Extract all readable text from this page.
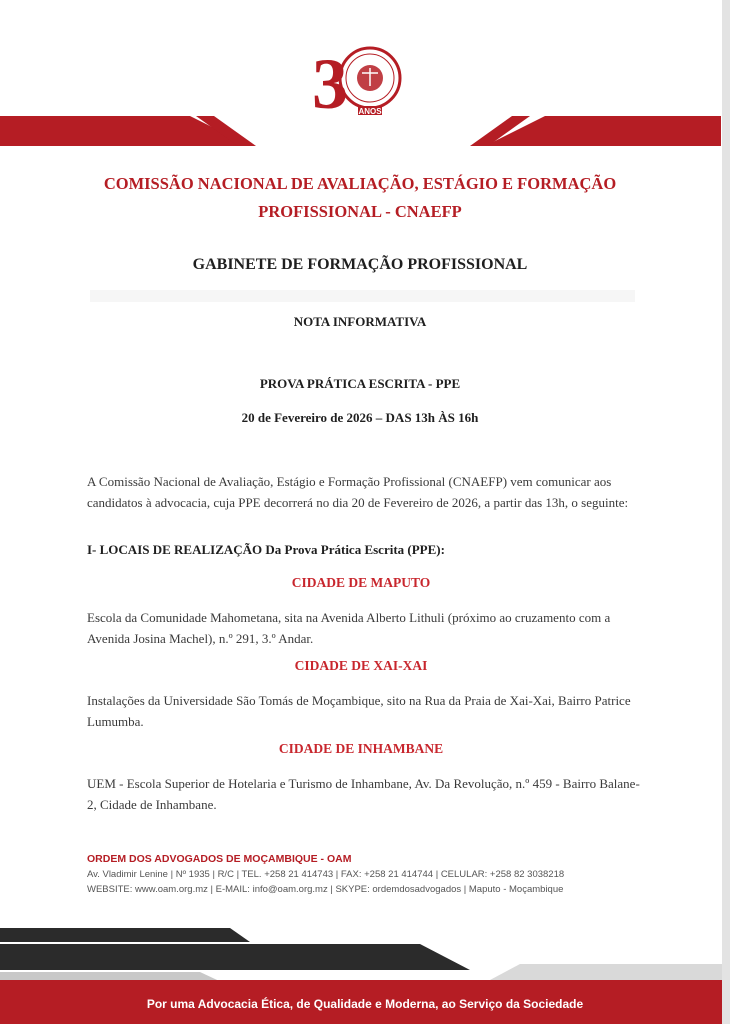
3 ANOS
COMISSÃO NACIONAL DE AVALIAÇÃO, ESTÁGIO E FORMAÇÃO PROFISSIONAL - CNAEFP
GABINETE DE FORMAÇÃO PROFISSIONAL
NOTA INFORMATIVA
PROVA PRÁTICA ESCRITA - PPE
20 de Fevereiro de 2026 – DAS 13h ÀS 16h
A Comissão Nacional de Avaliação, Estágio e Formação Profissional (CNAEFP) vem comunicar aos candidatos à advocacia, cuja PPE decorrerá no dia 20 de Fevereiro de 2026, a partir das 13h, o seguinte:
I- LOCAIS DE REALIZAÇÃO Da Prova Prática Escrita (PPE):
CIDADE DE MAPUTO
Escola da Comunidade Mahometana, sita na Avenida Alberto Lithuli (próximo ao cruzamento com a Avenida Josina Machel), n.º 291, 3.º Andar.
CIDADE DE XAI-XAI
Instalações da Universidade São Tomás de Moçambique, sito na Rua da Praia de Xai-Xai, Bairro Patrice Lumumba.
CIDADE DE INHAMBANE
UEM - Escola Superior de Hotelaria e Turismo de Inhambane, Av. Da Revolução, n.º 459 - Bairro Balane-2, Cidade de Inhambane.
ORDEM DOS ADVOGADOS DE MOÇAMBIQUE - OAM
Av. Vladimir Lenine | Nº 1935 | R/C | TEL. +258 21 414743 | FAX: +258 21 414744 | CELULAR: +258 82 3038218
WEBSITE: www.oam.org.mz | E-MAIL: info@oam.org.mz | SKYPE: ordemdosadvogados | Maputo - Moçambique
Por uma Advocacia Ética, de Qualidade e Moderna, ao Serviço da Sociedade
